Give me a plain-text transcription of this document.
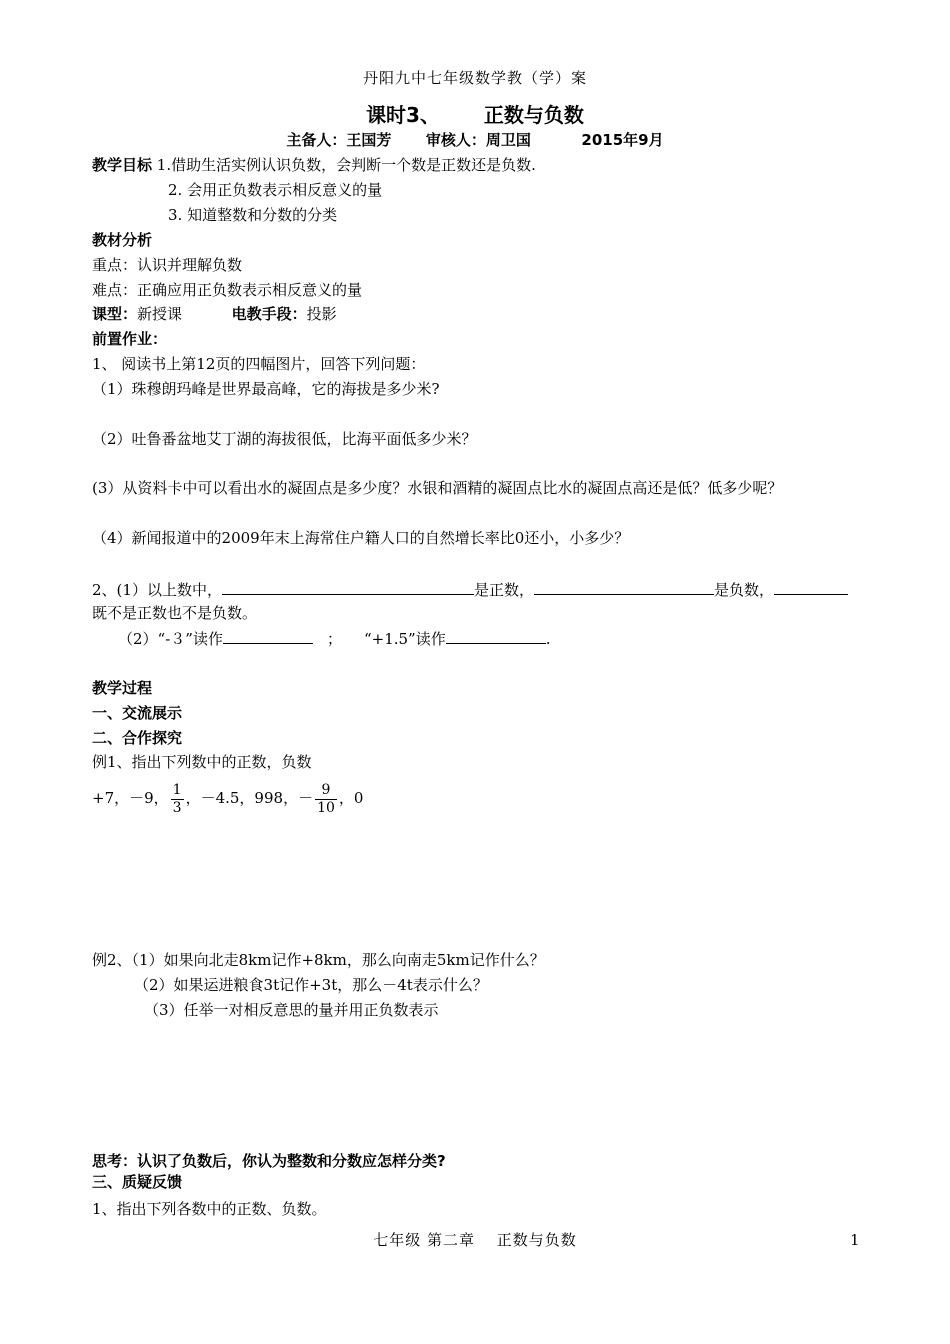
丹阳九中七年级数学教（学）案
课时3、 正数与负数
主备人：王国芳 审核人：周卫国	2015年9月
教学目标 1.借助生活实例认识负数，会判断一个数是正数还是负数.
2. 会用正负数表示相反意义的量
3. 知道整数和分数的分类
教材分析
重点：认识并理解负数
难点：正确应用正负数表示相反意义的量
课型：新授课	电教手段：投影
前置作业：
1、 阅读书上第12页的四幅图片，回答下列问题：
（1）珠穆朗玛峰是世界最高峰，它的海拔是多少米?
（2）吐鲁番盆地艾丁湖的海拔很低，比海平面低多少米？
(3）从资料卡中可以看出水的凝固点是多少度？水银和酒精的凝固点比水的凝固点高还是低？低多少呢？
（4）新闻报道中的2009年末上海常住户籍人口的自然增长率比0还小，小多少？
2、(1）以上数中，	是正数，	是负数，
既不是正数也不是负数。
（2）“-３”读作	； “+1.5”读作	.
教学过程
一、交流展示
二、合作探究
例1、指出下列数中的正数，负数
+7，－9， $\frac{1}{3}$ ，－4.5，998，－ $\frac{9}{10}$ ，0
例2、（1）如果向北走8km记作+8km，那么向南走5km记作什么？
（2）如果运进粮食3t记作+3t，那么－4t表示什么？
（3）任举一对相反意思的量并用正负数表示
思考：认识了负数后，你认为整数和分数应怎样分类?
三、质疑反馈
1、指出下列各数中的正数、负数。
七年级 第二章　 正数与负数	1
